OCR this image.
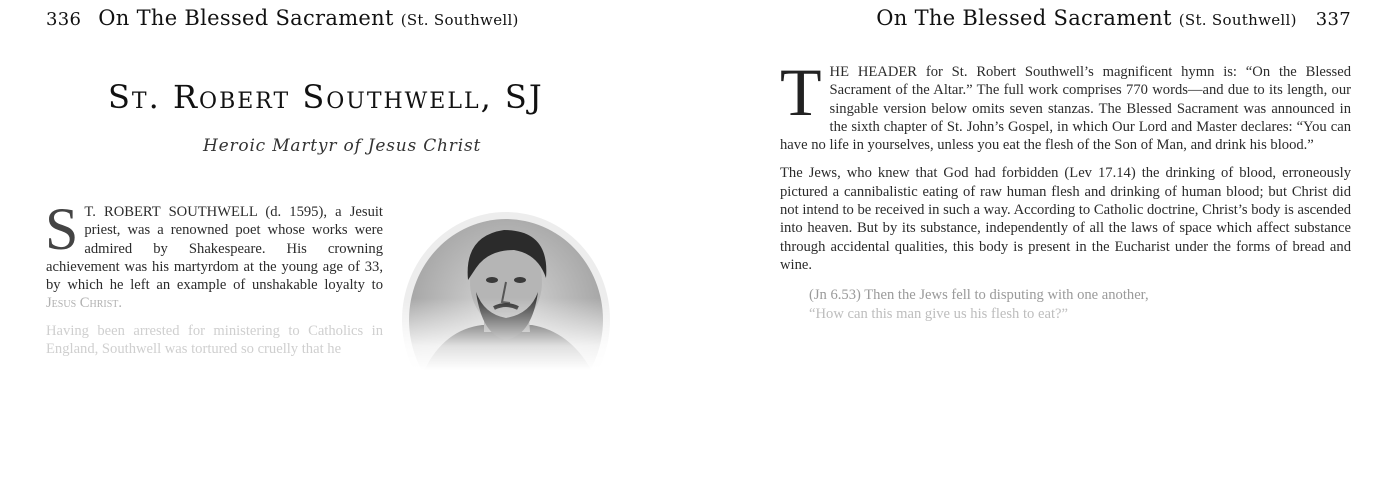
336 On The Blessed Sacrament (St. Southwell)
St. Robert Southwell, SJ
Heroic Martyr of Jesus Christ

S T. ROBERT SOUTHWELL (d. 1595), a Jesuit priest, was a renowned poet whose works were admired by Shakespeare. His crowning achievement was his martyrdom at the young age of 33, by which he left an example of unshakable loyalty to Jesus Christ.

Having been arrested for ministering to Catholics in England, Southwell was tortured so cruelly that he

On The Blessed Sacrament (St. Southwell) 337

THE HEADER for St. Robert Southwell’s magnificent hymn is: “On the Blessed Sacrament of the Altar.” The full work comprises 770 words—and due to its length, our singable version below omits seven stanzas. The Blessed Sacrament was announced in the sixth chapter of St. John’s Gospel, in which Our Lord and Master declares: “You can have no life in yourselves, unless you eat the flesh of the Son of Man, and drink his blood.”

The Jews, who knew that God had forbidden (Lev 17.14) the drinking of blood, erroneously pictured a cannibalistic eating of raw human flesh and drinking of human blood; but Christ did not intend to be received in such a way. According to Catholic doctrine, Christ’s body is ascended into heaven. But by its substance, independently of all the laws of space which affect substance through accidental qualities, this body is present in the Eucharist under the forms of bread and wine.

(Jn 6.53) Then the Jews fell to disputing with one another,
“How can this man give us his flesh to eat?”
